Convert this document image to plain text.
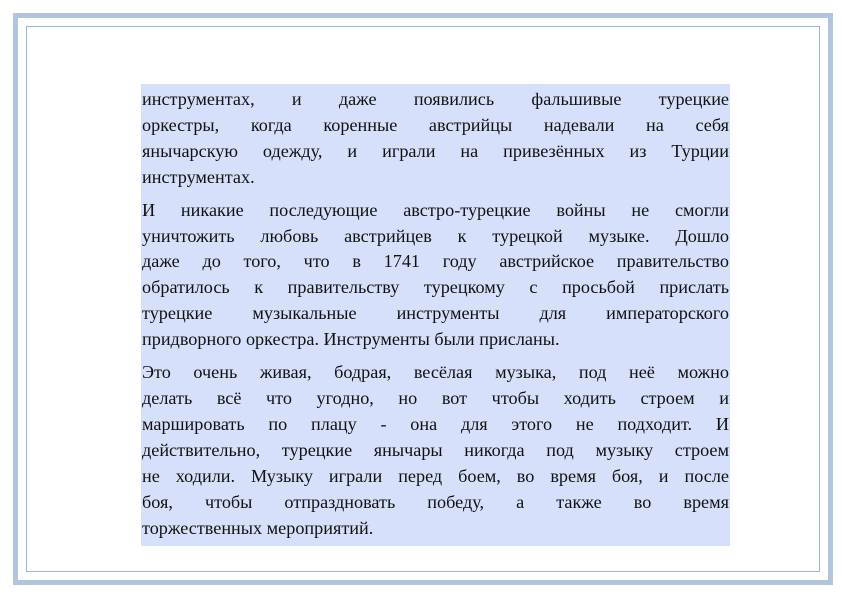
инструментах, и даже появились фальшивые турецкие
оркестры, когда коренные австрийцы надевали на себя
янычарскую одежду, и играли на привезённых из Турции
инструментах.

И никакие последующие австро-турецкие войны не смогли
уничтожить любовь австрийцев к турецкой музыке. Дошло
даже до того, что в 1741 году австрийское правительство
обратилось к правительству турецкому с просьбой прислать
турецкие музыкальные инструменты для императорского
придворного оркестра. Инструменты были присланы.

Это очень живая, бодрая, весёлая музыка, под неё можно
делать всё что угодно, но вот чтобы ходить строем и
маршировать по плацу - она для этого не подходит. И
действительно, турецкие янычары никогда под музыку строем
не ходили. Музыку играли перед боем, во время боя, и после
боя, чтобы отпраздновать победу, а также во время
торжественных мероприятий.
